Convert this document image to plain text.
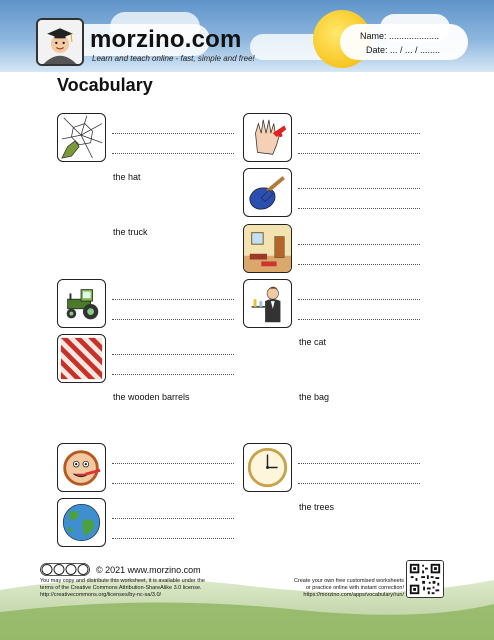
morzino.com
Learn and teach online - fast, simple and free!
Name: ....................
Date: ... / ... / ........
Vocabulary
the hat
the truck
the wooden barrels
the cat
the bag
the trees
© 2021 www.morzino.com
You may copy and distribute this worksheet, it is available under the
terms of the Creative Commons Attribution-ShareAlike 3.0 license.
http://creativecommons.org/licenses/by-nc-sa/3.0/
Create your own free customised worksheets
or practice online with instant correction!
https://morzino.com/apps/vocabulary/run/
